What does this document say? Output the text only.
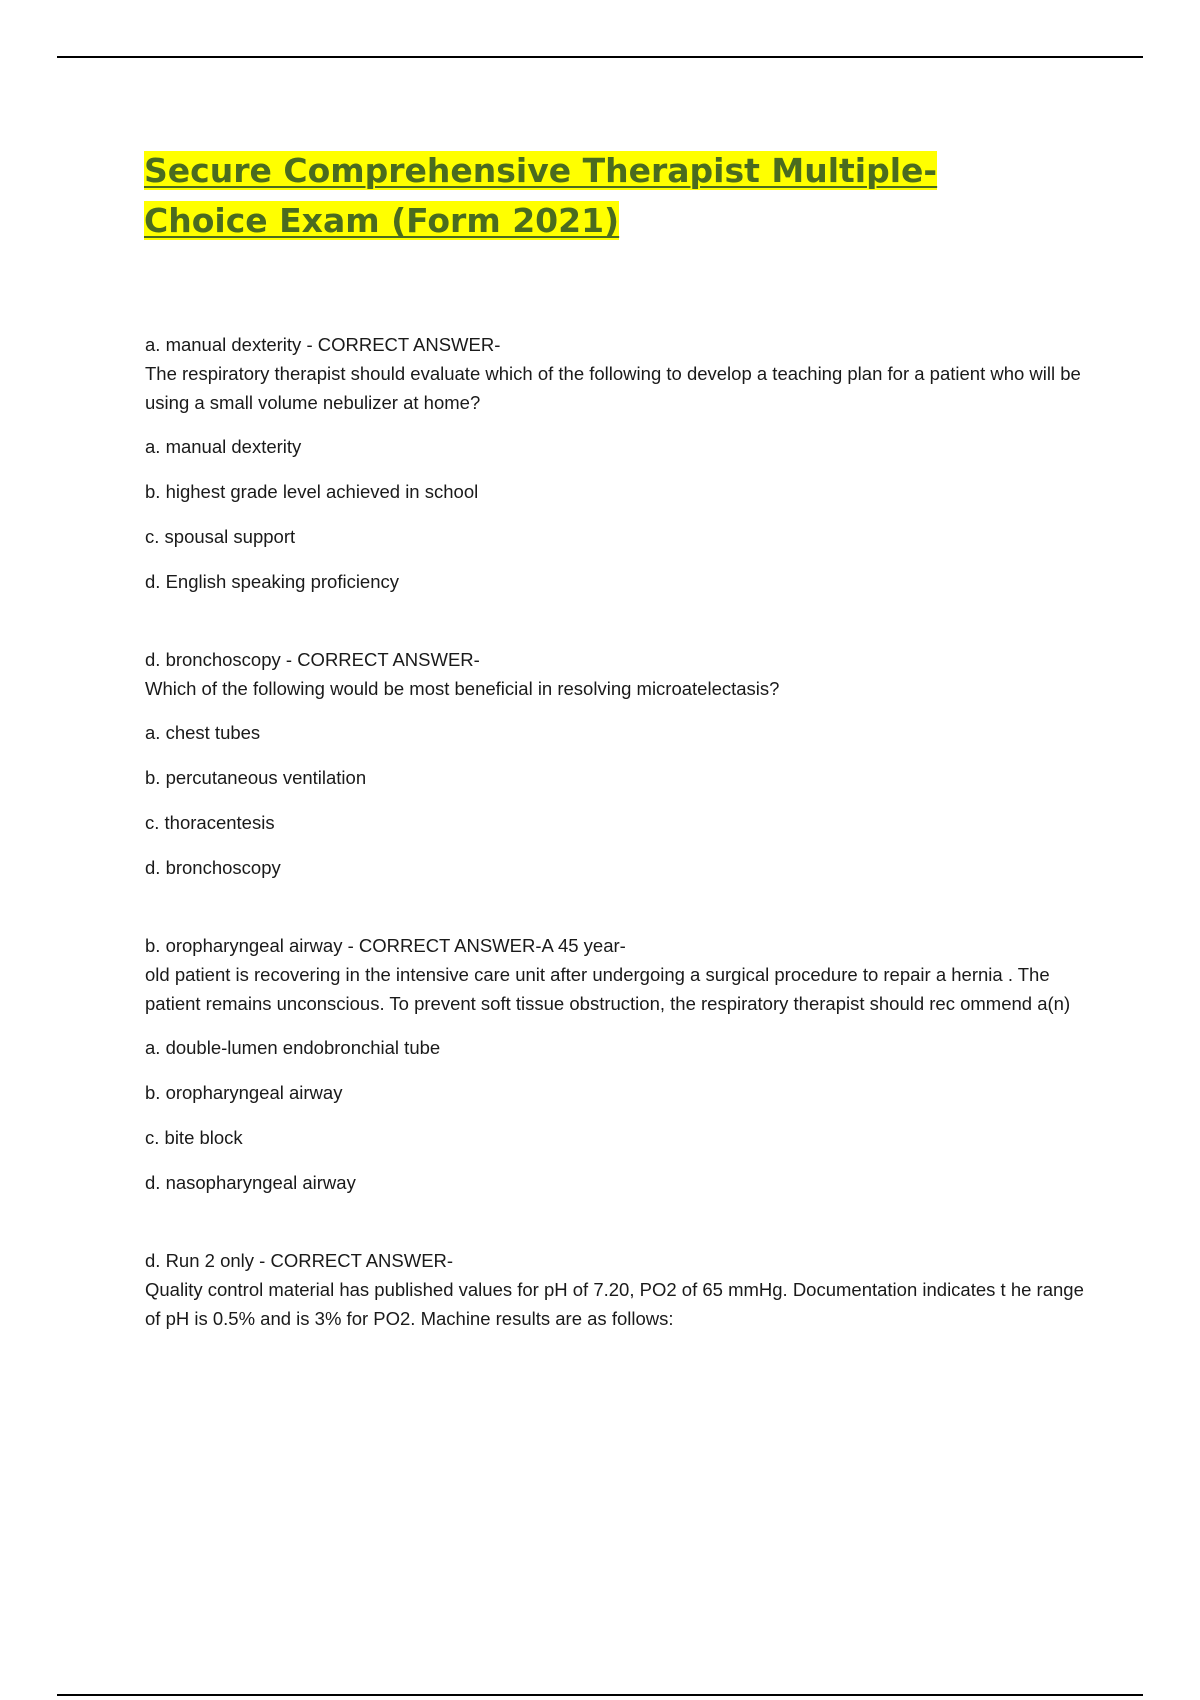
Secure Comprehensive Therapist Multiple-Choice Exam (Form 2021)

a. manual dexterity - CORRECT ANSWER-

The respiratory therapist should evaluate which of the following to develop a teaching plan for a patient who will be using a small volume nebulizer at home?

a. manual dexterity

b. highest grade level achieved in school

c. spousal support

d. English speaking proficiency

d. bronchoscopy - CORRECT ANSWER-

Which of the following would be most beneficial in resolving microatelectasis?

a. chest tubes

b. percutaneous ventilation

c. thoracentesis

d. bronchoscopy

b. oropharyngeal airway - CORRECT ANSWER-A 45 year-

old patient is recovering in the intensive care unit after undergoing a surgical procedure to repair a hernia . The patient remains unconscious. To prevent soft tissue obstruction, the respiratory therapist should rec ommend a(n)

a. double-lumen endobronchial tube

b. oropharyngeal airway

c. bite block

d. nasopharyngeal airway

d. Run 2 only - CORRECT ANSWER-

Quality control material has published values for pH of 7.20, PO2 of 65 mmHg. Documentation indicates t he range of pH is 0.5% and is 3% for PO2. Machine results are as follows:
